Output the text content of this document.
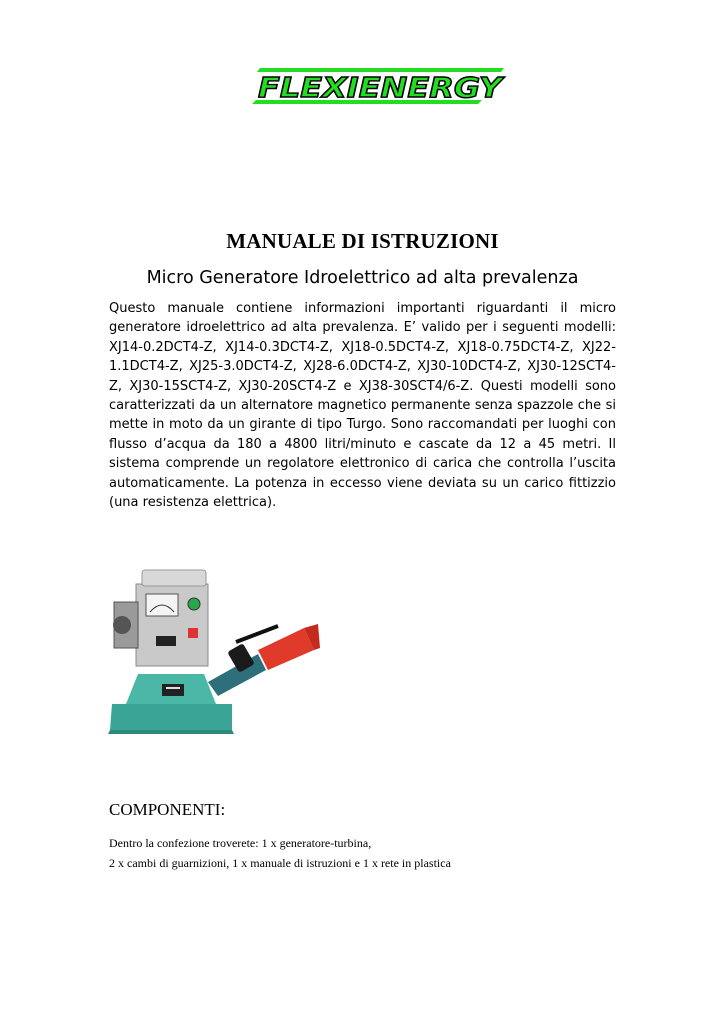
FLEXIENERGY
MANUALE DI ISTRUZIONI
Micro Generatore Idroelettrico ad alta prevalenza
Questo manuale contiene informazioni importanti riguardanti il micro generatore idroelettrico ad alta prevalenza. E’ valido per i seguenti modelli: XJ14-0.2DCT4-Z, XJ14-0.3DCT4-Z, XJ18-0.5DCT4-Z, XJ18-0.75DCT4-Z, XJ22-1.1DCT4-Z, XJ25-3.0DCT4-Z, XJ28-6.0DCT4-Z, XJ30-10DCT4-Z, XJ30-12SCT4-Z, XJ30-15SCT4-Z, XJ30-20SCT4-Z e XJ38-30SCT4/6-Z. Questi modelli sono caratterizzati da un alternatore magnetico permanente senza spazzole che si mette in moto da un girante di tipo Turgo. Sono raccomandati per luoghi con flusso d’acqua da 180 a 4800 litri/minuto e cascate da 12 a 45 metri. Il sistema comprende un regolatore elettronico di carica che controlla l’uscita automaticamente. La potenza in eccesso viene deviata su un carico fittizzio (una resistenza elettrica).
COMPONENTI:

Dentro la confezione troverete: 1 x generatore-turbina,

2 x cambi di guarnizioni, 1 x manuale di istruzioni e 1 x rete in plastica
